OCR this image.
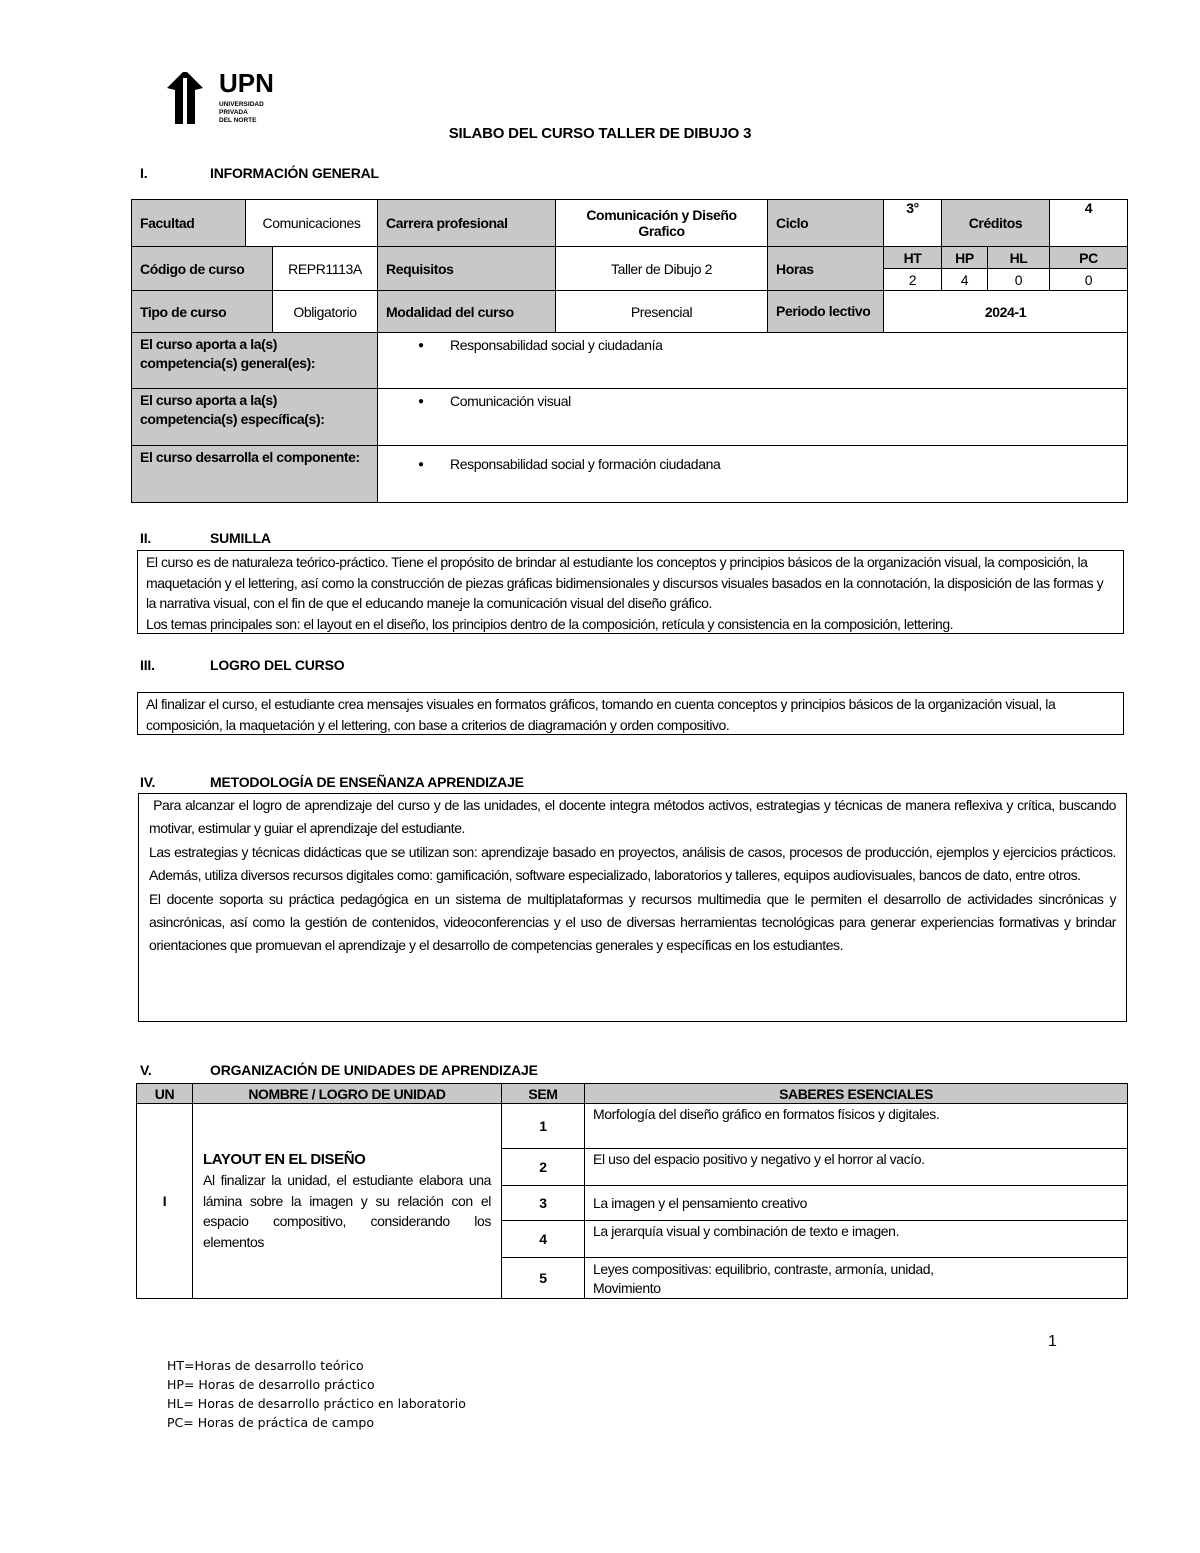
UPN
UNIVERSIDAD
PRIVADA
DEL NORTE
SILABO DEL CURSO TALLER DE DIBUJO 3
I.	INFORMACIÓN GENERAL
Facultad	Comunicaciones		Carrera profesional	Comunicación y Diseño Grafico	Ciclo	3°	Créditos		4
Código de curso		REPR1113A	Requisitos	Taller de Dibujo 2	Horas	HT	HP	HL	PC
						2	4	0	0
Tipo de curso		Obligatorio	Modalidad del curso	Presencial	Periodo lectivo	2024-1			
El curso aporta a la(s) competencia(s) general(es):			● Responsabilidad social y ciudadanía						

El curso aporta a la(s) competencia(s) específica(s):			● Comunicación visual						

El curso desarrolla el componente:			● Responsabilidad social y formación ciudadana						
II.	SUMILLA

El curso es de naturaleza teórico-práctico. Tiene el propósito de brindar al estudiante los conceptos y principios básicos de la organización visual, la composición, la maquetación y el lettering, así como la construcción de piezas gráficas bidimensionales y discursos visuales basados en la connotación, la disposición de las formas y la narrativa visual, con el fin de que el educando maneje la comunicación visual del diseño gráfico.

Los temas principales son: el layout en el diseño, los principios dentro de la composición, retícula y consistencia en la composición, lettering.

III.	LOGRO DEL CURSO

Al finalizar el curso, el estudiante crea mensajes visuales en formatos gráficos, tomando en cuenta conceptos y principios básicos de la organización visual, la composición, la maquetación y el lettering, con base a criterios de diagramación y orden compositivo.

IV.	METODOLOGÍA DE ENSEÑANZA APRENDIZAJE

Para alcanzar el logro de aprendizaje del curso y de las unidades, el docente integra métodos activos, estrategias y técnicas de manera reflexiva y crítica, buscando motivar, estimular y guiar el aprendizaje del estudiante.

Las estrategias y técnicas didácticas que se utilizan son: aprendizaje basado en proyectos, análisis de casos, procesos de producción, ejemplos y ejercicios prácticos. Además, utiliza diversos recursos digitales como: gamificación, software especializado, laboratorios y talleres, equipos audiovisuales, bancos de dato, entre otros.

El docente soporta su práctica pedagógica en un sistema de multiplataformas y recursos multimedia que le permiten el desarrollo de actividades sincrónicas y asincrónicas, así como la gestión de contenidos, videoconferencias y el uso de diversas herramientas tecnológicas para generar experiencias formativas y brindar orientaciones que promuevan el aprendizaje y el desarrollo de competencias generales y específicas en los estudiantes.

V.	ORGANIZACIÓN DE UNIDADES DE APRENDIZAJE
UN	NOMBRE / LOGRO DE UNIDAD	SEM	SABERES ESENCIALES
I	LAYOUT EN EL DISEÑO
Al finalizar la unidad, el estudiante elabora una lámina sobre la imagen y su relación con el espacio compositivo, considerando los elementos	1	Morfología del diseño gráfico en formatos físicos y digitales.
		2	El uso del espacio positivo y negativo y el horror al vacío.
		3	La imagen y el pensamiento creativo
		4	La jerarquía visual y combinación de texto e imagen.
		5	Leyes compositivas: equilibrio, contraste, armonía, unidad, Movimiento
1
HT=Horas de desarrollo teórico
HP= Horas de desarrollo práctico
HL= Horas de desarrollo práctico en laboratorio
PC= Horas de práctica de campo
